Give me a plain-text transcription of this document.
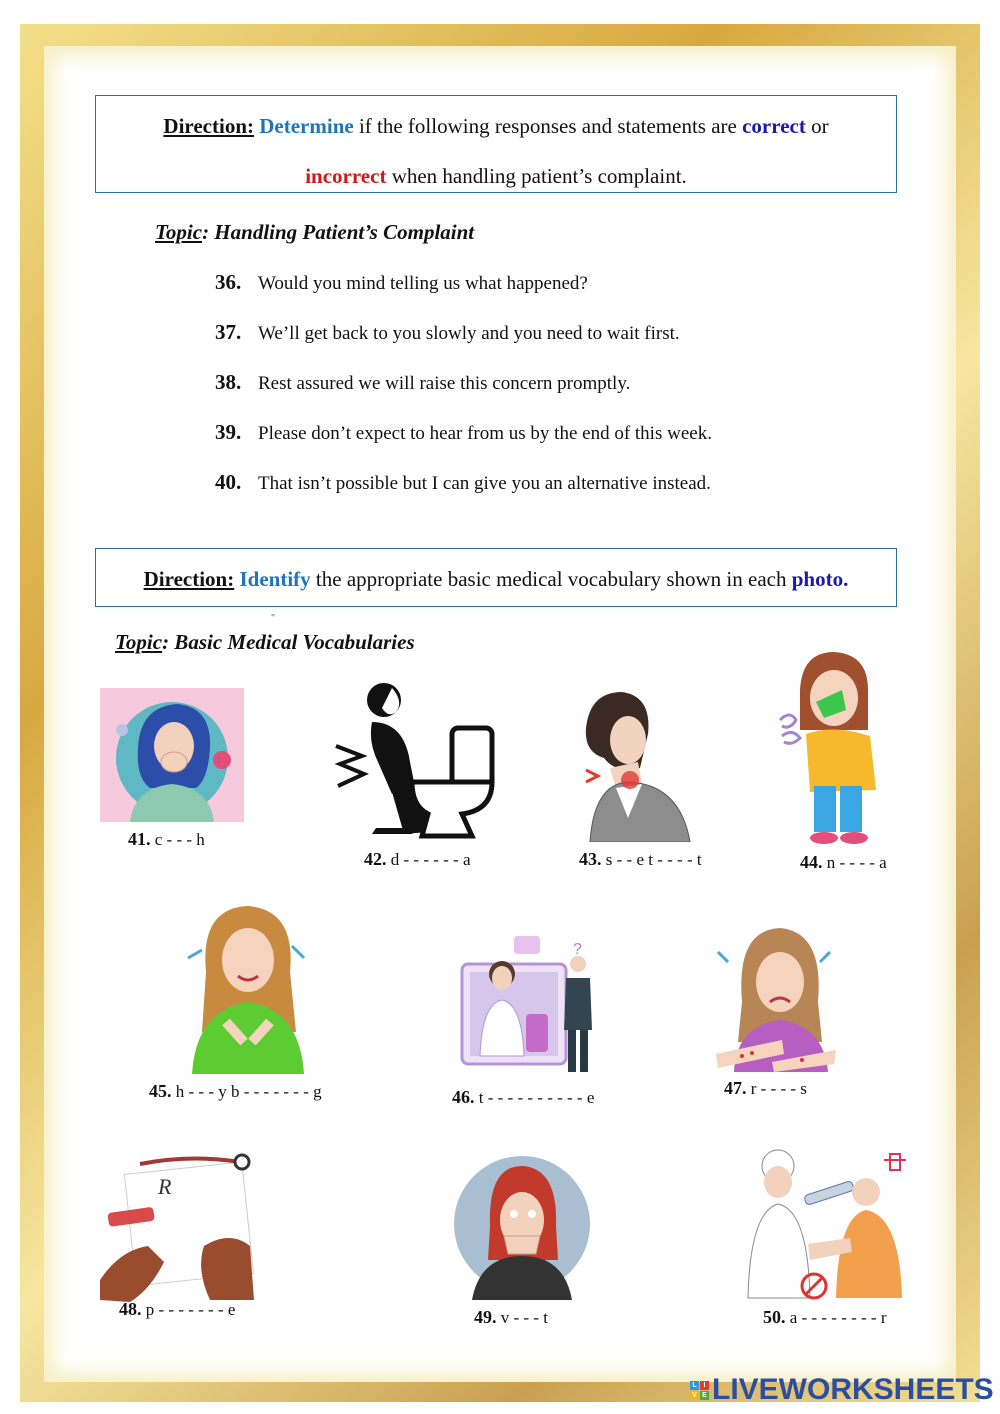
Direction: Determine if the following responses and statements are correct or
incorrect when handling patient’s complaint.
Topic: Handling Patient’s Complaint
36. Would you mind telling us what happened?
37. We’ll get back to you slowly and you need to wait first.
38. Rest assured we will raise this concern promptly.
39. Please don’t expect to hear from us by the end of this week.
40. That isn’t possible but I can give you an alternative instead.
Direction: Identify the appropriate basic medical vocabulary shown in each photo.
"
Topic: Basic Medical Vocabularies
41. c - - - h
42. d - - - - - - a	43. s - - e t - - - - t	44. n - - - - a
45. h - - - y b - - - - - - - g
?
46. t - - - - - - - - - - e	47. r - - - - s
R
48. p - - - - - - - e	49. v - - - t	50. a - - - - - - - - r
L I
V E LIVEWORKSHEETS
